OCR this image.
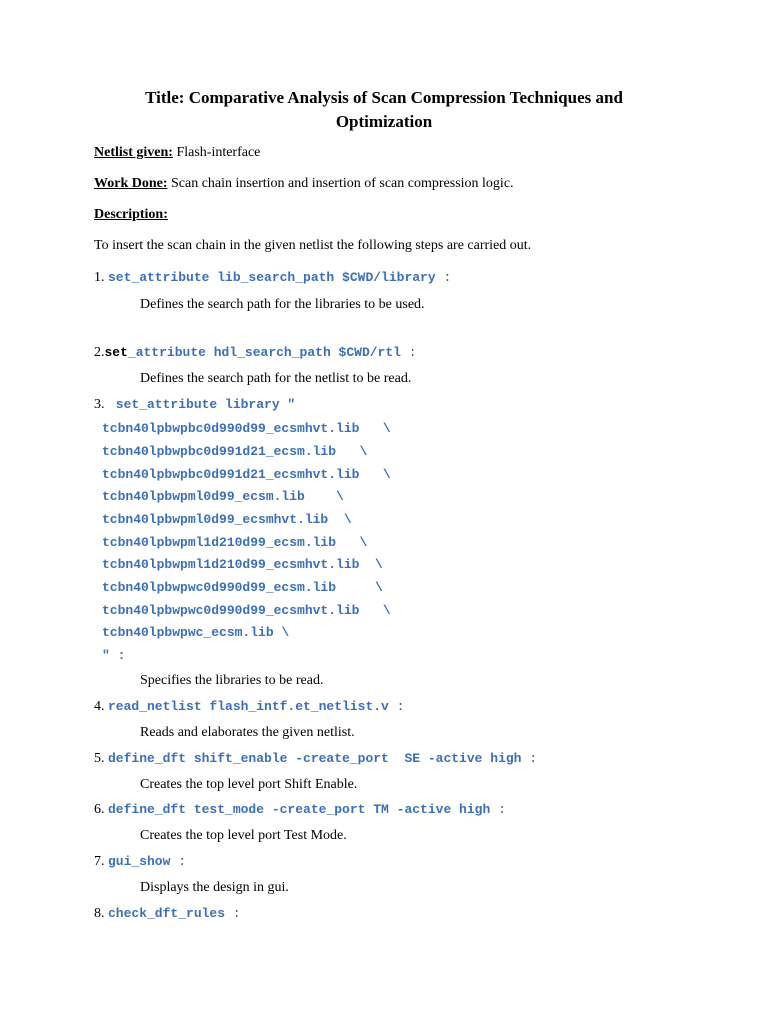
Title: Comparative Analysis of Scan Compression Techniques and
Optimization
Netlist given: Flash-interface
Work Done: Scan chain insertion and insertion of scan compression logic.
Description:
To insert the scan chain in the given netlist the following steps are carried out.
1. set_attribute lib_search_path $CWD/library :
Defines the search path for the libraries to be used.
2.set_attribute hdl_search_path $CWD/rtl :
Defines the search path for the netlist to be read.
3.  set_attribute library "
tcbn40lpbwpbc0d990d99_ecsmhvt.lib   \
tcbn40lpbwpbc0d991d21_ecsm.lib   \
tcbn40lpbwpbc0d991d21_ecsmhvt.lib   \
tcbn40lpbwpml0d99_ecsm.lib    \
tcbn40lpbwpml0d99_ecsmhvt.lib  \
tcbn40lpbwpml1d210d99_ecsm.lib   \
tcbn40lpbwpml1d210d99_ecsmhvt.lib  \
tcbn40lpbwpwc0d990d99_ecsm.lib     \
tcbn40lpbwpwc0d990d99_ecsmhvt.lib   \
tcbn40lpbwpwc_ecsm.lib \
" :
Specifies the libraries to be read.
4. read_netlist flash_intf.et_netlist.v :
Reads and elaborates the given netlist.
5. define_dft shift_enable -create_port  SE -active high :
Creates the top level port Shift Enable.
6. define_dft test_mode -create_port TM -active high :
Creates the top level port Test Mode.
7. gui_show :
Displays the design in gui.
8. check_dft_rules :
